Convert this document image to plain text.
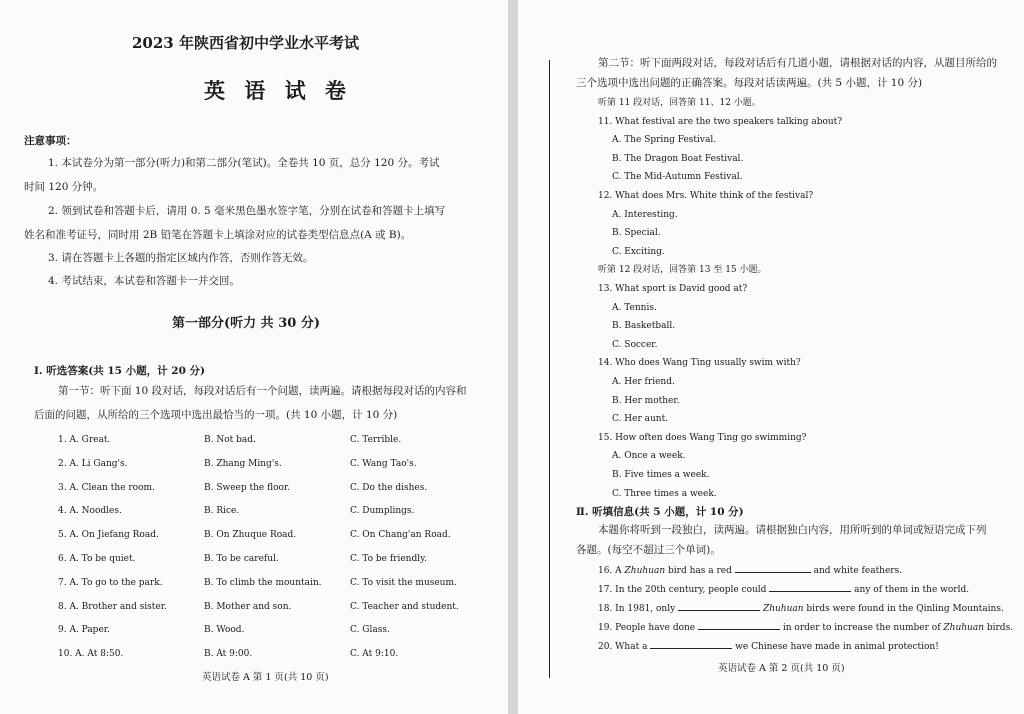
2023 年陕西省初中学业水平考试
英 语 试 卷
注意事项：
1. 本试卷分为第一部分(听力)和第二部分(笔试)。全卷共 10 页，总分 120 分。考试
时间 120 分钟。
2. 领到试卷和答题卡后，请用 0. 5 毫米黑色墨水签字笔，分别在试卷和答题卡上填写
姓名和准考证号，同时用 2B 铅笔在答题卡上填涂对应的试卷类型信息点(A 或 B)。
3. 请在答题卡上各题的指定区域内作答，否则作答无效。
4. 考试结束，本试卷和答题卡一并交回。
第一部分(听力 共 30 分)
Ⅰ. 听选答案(共 15 小题，计 20 分)
第一节：听下面 10 段对话，每段对话后有一个问题，读两遍。请根据每段对话的内容和
后面的问题，从所给的三个选项中选出最恰当的一项。(共 10 小题，计 10 分)
1. A. Great.	B. Not bad.	C. Terrible.
2. A. Li Gang's.	B. Zhang Ming's.	C. Wang Tao's.
3. A. Clean the room.	B. Sweep the floor.	C. Do the dishes.
4. A. Noodles.	B. Rice.	C. Dumplings.
5. A. On Jiefang Road.	B. On Zhuque Road.	C. On Chang'an Road.
6. A. To be quiet.	B. To be careful.	C. To be friendly.
7. A. To go to the park.	B. To climb the mountain.	C. To visit the museum.
8. A. Brother and sister.	B. Mother and son.	C. Teacher and student.
9. A. Paper.	B. Wood.	C. Glass.
10. A. At 8:50.	B. At 9:00.	C. At 9:10.
英语试卷 A 第 1 页(共 10 页)
第二节：听下面两段对话，每段对话后有几道小题，请根据对话的内容，从题目所给的
三个选项中选出问题的正确答案。每段对话读两遍。(共 5 小题，计 10 分)
听第 11 段对话，回答第 11、12 小题。
11. What festival are the two speakers talking about?
A. The Spring Festival.
B. The Dragon Boat Festival.
C. The Mid-Autumn Festival.
12. What does Mrs. White think of the festival?
A. Interesting.
B. Special.
C. Exciting.
听第 12 段对话，回答第 13 至 15 小题。
13. What sport is David good at?
A. Tennis.
B. Basketball.
C. Soccer.
14. Who does Wang Ting usually swim with?
A. Her friend.
B. Her mother.
C. Her aunt.
15. How often does Wang Ting go swimming?
A. Once a week.
B. Five times a week.
C. Three times a week.
Ⅱ. 听填信息(共 5 小题，计 10 分)
本题你将听到一段独白，读两遍。请根据独白内容，用所听到的单词或短语完成下列
各题。(每空不超过三个单词)。
16. A Zhuhuan bird has a red	and white feathers.
17. In the 20th century, people could	any of them in the world.
18. In 1981, only	Zhuhuan birds were found in the Qinling Mountains.
19. People have done	in order to increase the number of Zhuhuan birds.
20. What a	we Chinese have made in animal protection!
英语试卷 A 第 2 页(共 10 页)
